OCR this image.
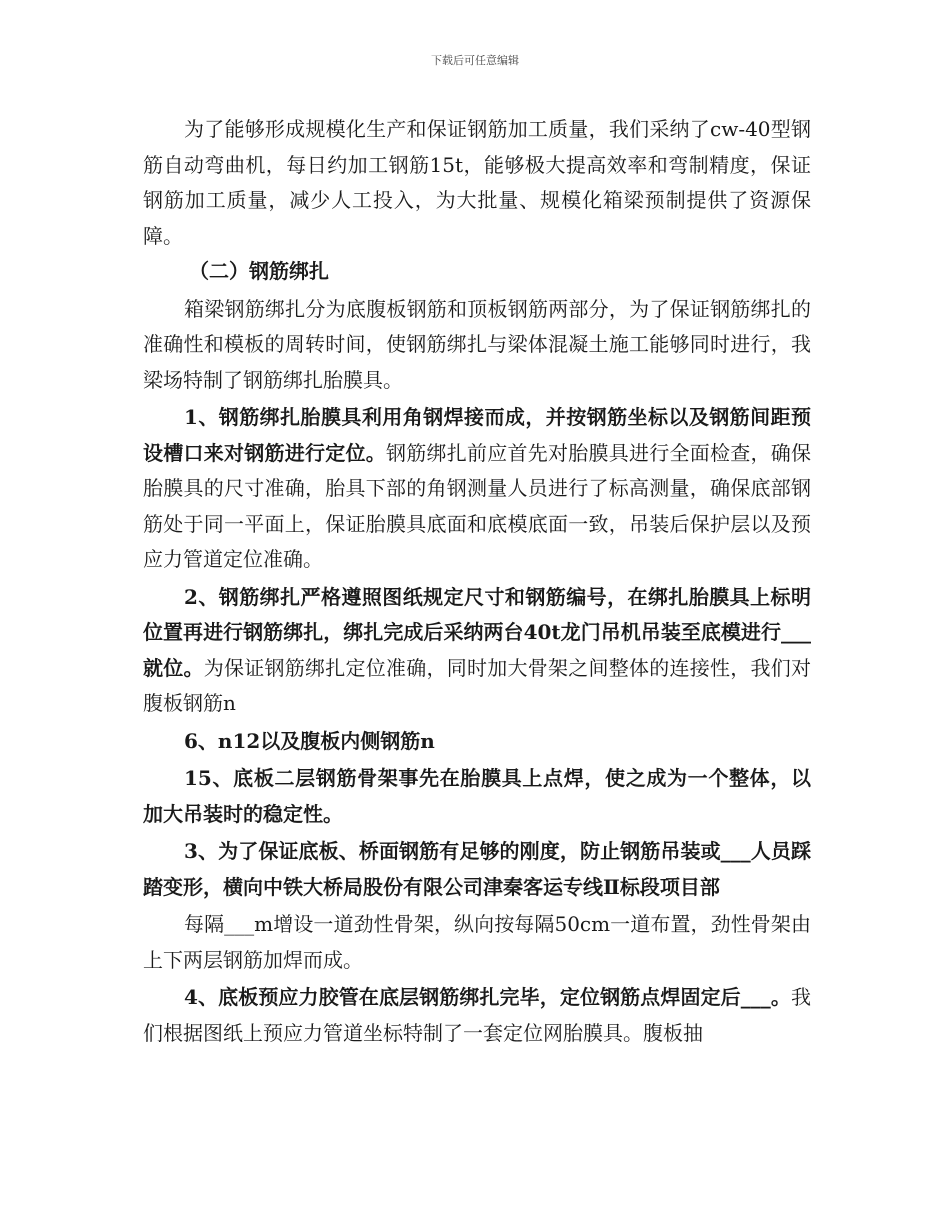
下载后可任意编辑

为了能够形成规模化生产和保证钢筋加工质量，我们采纳了cw-40型钢筋自动弯曲机，每日约加工钢筋15t，能够极大提高效率和弯制精度，保证钢筋加工质量，减少人工投入，为大批量、规模化箱梁预制提供了资源保障。

（二）钢筋绑扎

箱梁钢筋绑扎分为底腹板钢筋和顶板钢筋两部分，为了保证钢筋绑扎的准确性和模板的周转时间，使钢筋绑扎与梁体混凝土施工能够同时进行，我梁场特制了钢筋绑扎胎膜具。

1、钢筋绑扎胎膜具利用角钢焊接而成，并按钢筋坐标以及钢筋间距预设槽口来对钢筋进行定位。钢筋绑扎前应首先对胎膜具进行全面检查，确保胎膜具的尺寸准确，胎具下部的角钢测量人员进行了标高测量，确保底部钢筋处于同一平面上，保证胎膜具底面和底模底面一致，吊装后保护层以及预应力管道定位准确。

2、钢筋绑扎严格遵照图纸规定尺寸和钢筋编号，在绑扎胎膜具上标明位置再进行钢筋绑扎，绑扎完成后采纳两台40t龙门吊机吊装至底模进行___就位。为保证钢筋绑扎定位准确，同时加大骨架之间整体的连接性，我们对腹板钢筋n

6、n12以及腹板内侧钢筋n

15、底板二层钢筋骨架事先在胎膜具上点焊，使之成为一个整体，以加大吊装时的稳定性。

3、为了保证底板、桥面钢筋有足够的刚度，防止钢筋吊装或___人员踩踏变形，横向中铁大桥局股份有限公司津秦客运专线Ⅱ标段项目部

每隔___m增设一道劲性骨架，纵向按每隔50cm一道布置，劲性骨架由上下两层钢筋加焊而成。

4、底板预应力胶管在底层钢筋绑扎完毕，定位钢筋点焊固定后___。我们根据图纸上预应力管道坐标特制了一套定位网胎膜具。腹板抽
